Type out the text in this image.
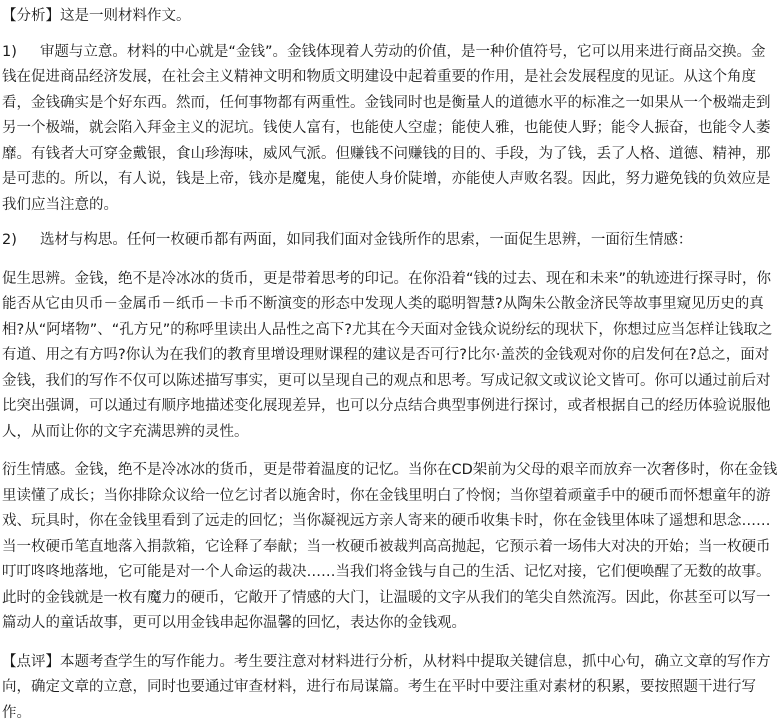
【分析】这是一则材料作文。

1) 审题与立意。材料的中心就是“金钱”。金钱体现着人劳动的价值，是一种价值符号，它可以用来进行商品交换。金钱在促进商品经济发展，在社会主义精神文明和物质文明建设中起着重要的作用，是社会发展程度的见证。从这个角度看，金钱确实是个好东西。然而，任何事物都有两重性。金钱同时也是衡量人的道德水平的标准之一如果从一个极端走到另一个极端，就会陷入拜金主义的泥坑。钱使人富有，也能使人空虚；能使人雅，也能使人野；能令人振奋，也能令人萎靡。有钱者大可穿金戴银，食山珍海味，威风气派。但赚钱不问赚钱的目的、手段，为了钱，丢了人格、道德、精神，那是可悲的。所以，有人说，钱是上帝，钱亦是魔鬼，能使人身价陡增，亦能使人声败名裂。因此，努力避免钱的负效应是我们应当注意的。

2) 选材与构思。任何一枚硬币都有两面，如同我们面对金钱所作的思索，一面促生思辨，一面衍生情感：

促生思辨。金钱，绝不是冷冰冰的货币，更是带着思考的印记。在你沿着“钱的过去、现在和未来”的轨迹进行探寻时，你能否从它由贝币－金属币－纸币－卡币不断演变的形态中发现人类的聪明智慧?从陶朱公散金济民等故事里窥见历史的真相?从“阿堵物”、“孔方兄”的称呼里读出人品性之高下?尤其在今天面对金钱众说纷纭的现状下，你想过应当怎样让钱取之有道、用之有方吗?你认为在我们的教育里增设理财课程的建议是否可行?比尔·盖茨的金钱观对你的启发何在?总之，面对金钱，我们的写作不仅可以陈述描写事实，更可以呈现自己的观点和思考。写成记叙文或议论文皆可。你可以通过前后对比突出强调，可以通过有顺序地描述变化展现差异，也可以分点结合典型事例进行探讨，或者根据自己的经历体验说服他人，从而让你的文字充满思辨的灵性。

衍生情感。金钱，绝不是冷冰冰的货币，更是带着温度的记忆。当你在CD架前为父母的艰辛而放弃一次奢侈时，你在金钱里读懂了成长；当你排除众议给一位乞讨者以施舍时，你在金钱里明白了怜悯；当你望着顽童手中的硬币而怀想童年的游戏、玩具时，你在金钱里看到了远走的回忆；当你凝视远方亲人寄来的硬币收集卡时，你在金钱里体味了遥想和思念……当一枚硬币笔直地落入捐款箱，它诠释了奉献；当一枚硬币被裁判高高抛起，它预示着一场伟大对决的开始；当一枚硬币叮叮咚咚地落地，它可能是对一个人命运的裁决……当我们将金钱与自己的生活、记忆对接，它们便唤醒了无数的故事。此时的金钱就是一枚有魔力的硬币，它敞开了情感的大门，让温暖的文字从我们的笔尖自然流泻。因此，你甚至可以写一篇动人的童话故事，更可以用金钱串起你温馨的回忆，表达你的金钱观。

【点评】本题考查学生的写作能力。考生要注意对材料进行分析，从材料中提取关键信息，抓中心句，确立文章的写作方向，确定文章的立意，同时也要通过审查材料，进行布局谋篇。考生在平时中要注重对素材的积累，要按照题干进行写作。
